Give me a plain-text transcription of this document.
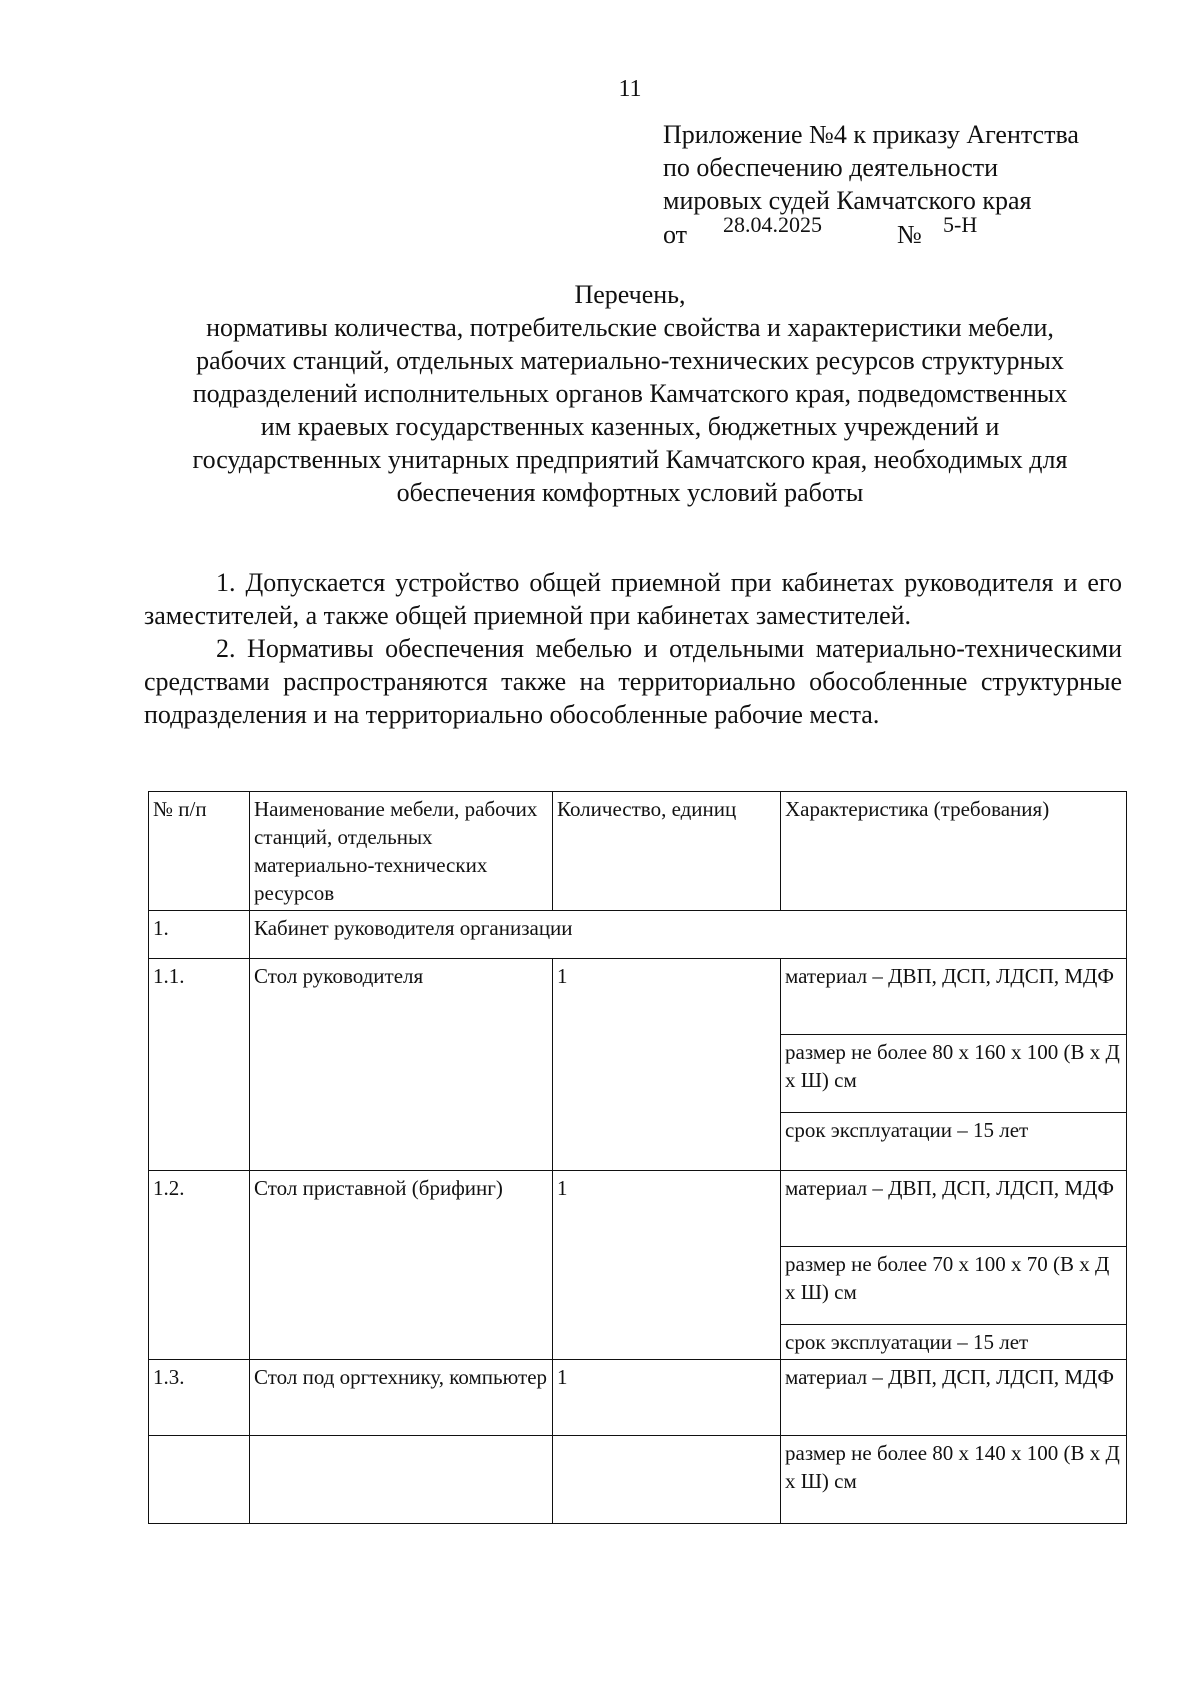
11
Приложение №4 к приказу Агентства
по обеспечению деятельности
мировых судей Камчатского края
от 28.04.2025	№ 5-Н
Перечень,
нормативы количества, потребительские свойства и характеристики мебели,
рабочих станций, отдельных материально-технических ресурсов структурных
подразделений исполнительных органов Камчатского края, подведомственных
им краевых государственных казенных, бюджетных учреждений и
государственных унитарных предприятий Камчатского края, необходимых для
обеспечения комфортных условий работы

1. Допускается устройство общей приемной при кабинетах руководителя и его заместителей, а также общей приемной при кабинетах заместителей.

2. Нормативы обеспечения мебелью и отдельными материально-техническими средствами распространяются также на территориально обособленные структурные подразделения и на территориально обособленные рабочие места.

№ п/п	Наименование мебели, рабочих станций, отдельных материально-технических ресурсов	Количество, единиц	Характеристика (требования)
1.	Кабинет руководителя организации		
1.1.	Стол руководителя	1	материал – ДВП, ДСП, ЛДСП, МДФ
			размер не более 80 х 160 х 100 (В х Д х Ш) см
			срок эксплуатации – 15 лет
1.2.	Стол приставной (брифинг)	1	материал – ДВП, ДСП, ЛДСП, МДФ
			размер не более 70 х 100 х 70 (В х Д х Ш) см
			срок эксплуатации – 15 лет
1.3.	Стол под оргтехнику, компьютер	1	материал – ДВП, ДСП, ЛДСП, МДФ
			размер не более 80 х 140 х 100 (В х Д х Ш) см
